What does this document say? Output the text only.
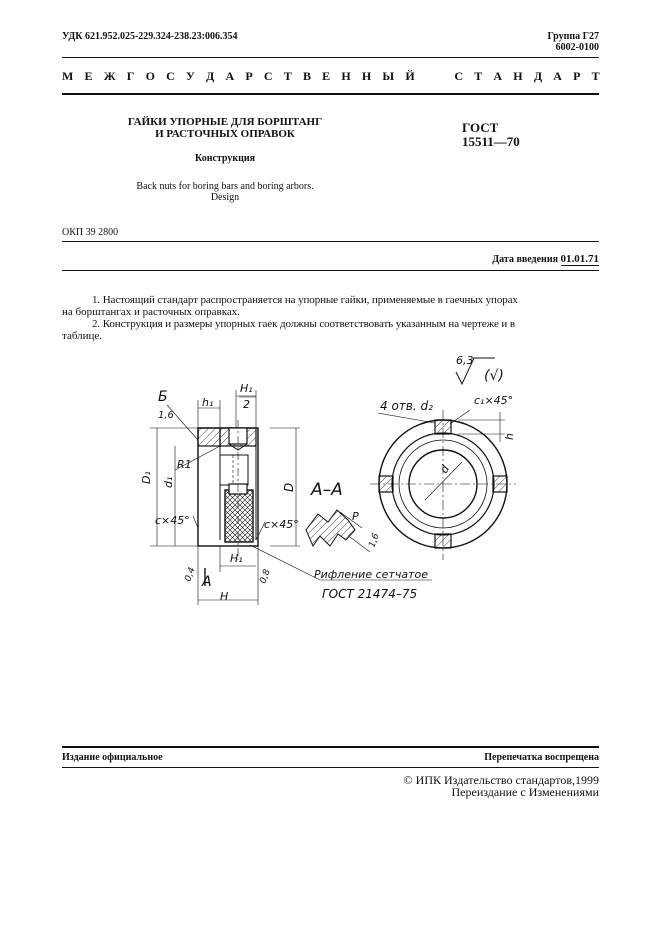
УДК 621.952.025-229.324-238.23:006.354	Группа Г27
6002-0100
М Е Ж Г О С У Д А Р С Т В Е Н Н Ы Й     С Т А Н Д А Р Т
ГАЙКИ УПОРНЫЕ ДЛЯ БОРШТАНГ
И РАСТОЧНЫХ ОПРАВОК
Конструкция
Back nuts for boring bars and boring arbors.
Design
ГОСТ
15511—70
ОКП 39 2800
Дата введения 01.01.71
1. Настоящий стандарт распространяется на упорные гайки, применяемые в гаечных упорах
на борштангах и расточных оправках.
2. Конструкция и размеры упорных гаек должны соответствовать указанным на чертеже и в
таблице.
6,3
(√)
Б	h₁
H₁
2
1,6
R1
D₁ d₁	D A–A
c×45°	c×45°
P
1,6
0,4	0,8
H₁
H
A	Рифление сетчатое
ГОСТ 21474–75
4 отв. d₂	c₁×45°
h
d
Издание официальное	Перепечатка воспрещена
© ИПК Издательство стандартов,1999
Переиздание с Изменениями
